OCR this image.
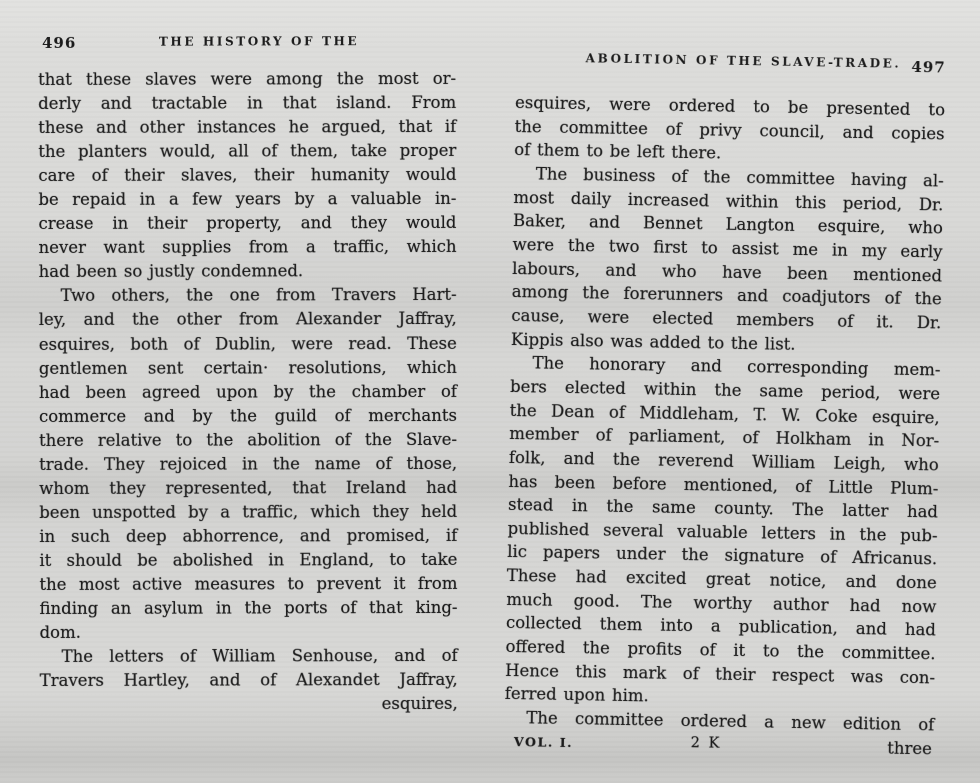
496	THE HISTORY OF THE
that these slaves were among the most or-
derly and tractable in that island. From
these and other instances he argued, that if
the planters would, all of them, take proper
care of their slaves, their humanity would
be repaid in a few years by a valuable in-
crease in their property, and they would
never want supplies from a traffic, which
had been so justly condemned.
Two others, the one from Travers Hart-
ley, and the other from Alexander Jaffray,
esquires, both of Dublin, were read. These
gentlemen sent certain· resolutions, which
had been agreed upon by the chamber of
commerce and by the guild of merchants
there relative to the abolition of the Slave-
trade. They rejoiced in the name of those,
whom they represented, that Ireland had
been unspotted by a traffic, which they held
in such deep abhorrence, and promised, if
it should be abolished in England, to take
the most active measures to prevent it from
finding an asylum in the ports of that king-
dom.
The letters of William Senhouse, and of
Travers Hartley, and of Alexandet Jaffray,
esquires,
ABOLITION OF THE SLAVE-TRADE. 497
esquires, were ordered to be presented to
the committee of privy council, and copies
of them to be left there.
The business of the committee having al-
most daily increased within this period, Dr.
Baker, and Bennet Langton esquire, who
were the two first to assist me in my early
labours, and who have been mentioned
among the forerunners and coadjutors of the
cause, were elected members of it. Dr.
Kippis also was added to the list.
The honorary and corresponding mem-
bers elected within the same period, were
the Dean of Middleham, T. W. Coke esquire,
member of parliament, of Holkham in Nor-
folk, and the reverend William Leigh, who
has been before mentioned, of Little Plum-
stead in the same county. The latter had
published several valuable letters in the pub-
lic papers under the signature of Africanus.
These had excited great notice, and done
much good. The worthy author had now
collected them into a publication, and had
offered the profits of it to the committee.
Hence this mark of their respect was con-
ferred upon him.
The committee ordered a new edition of
VOL. I.	2 K	three
